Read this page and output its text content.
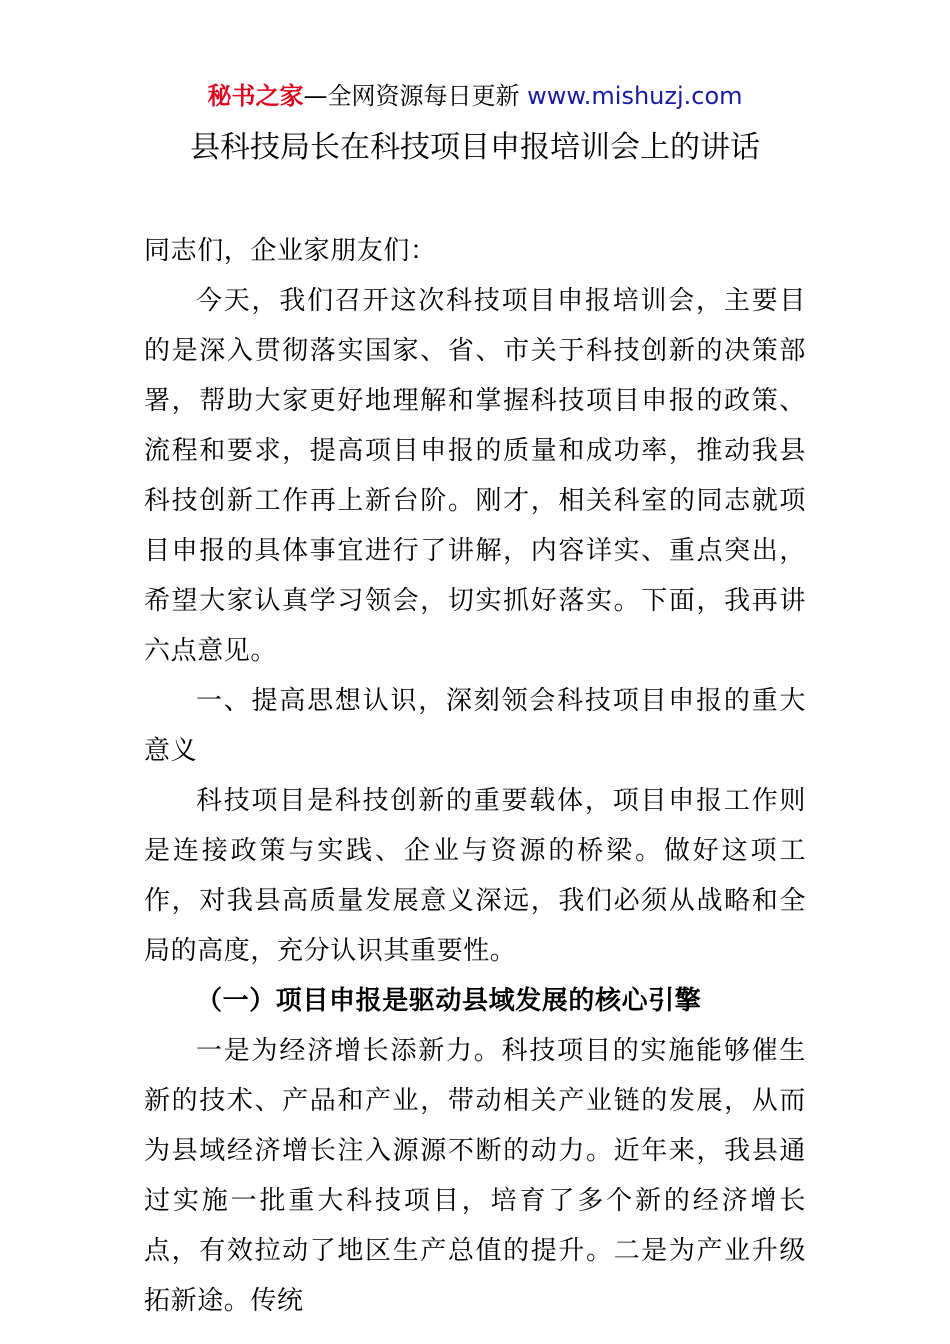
秘书之家—全网资源每日更新 www.mishuzj.com
县科技局长在科技项目申报培训会上的讲话

同志们，企业家朋友们：

今天，我们召开这次科技项目申报培训会，主要目的是深入贯彻落实国家、省、市关于科技创新的决策部署，帮助大家更好地理解和掌握科技项目申报的政策、流程和要求，提高项目申报的质量和成功率，推动我县科技创新工作再上新台阶。刚才，相关科室的同志就项目申报的具体事宜进行了讲解，内容详实、重点突出，希望大家认真学习领会，切实抓好落实。下面，我再讲六点意见。

一、提高思想认识，深刻领会科技项目申报的重大意义

科技项目是科技创新的重要载体，项目申报工作则是连接政策与实践、企业与资源的桥梁。做好这项工作，对我县高质量发展意义深远，我们必须从战略和全局的高度，充分认识其重要性。

（一）项目申报是驱动县域发展的核心引擎

一是为经济增长添新力。科技项目的实施能够催生新的技术、产品和产业，带动相关产业链的发展，从而为县域经济增长注入源源不断的动力。近年来，我县通过实施一批重大科技项目，培育了多个新的经济增长点，有效拉动了地区生产总值的提升。二是为产业升级拓新途。传统
